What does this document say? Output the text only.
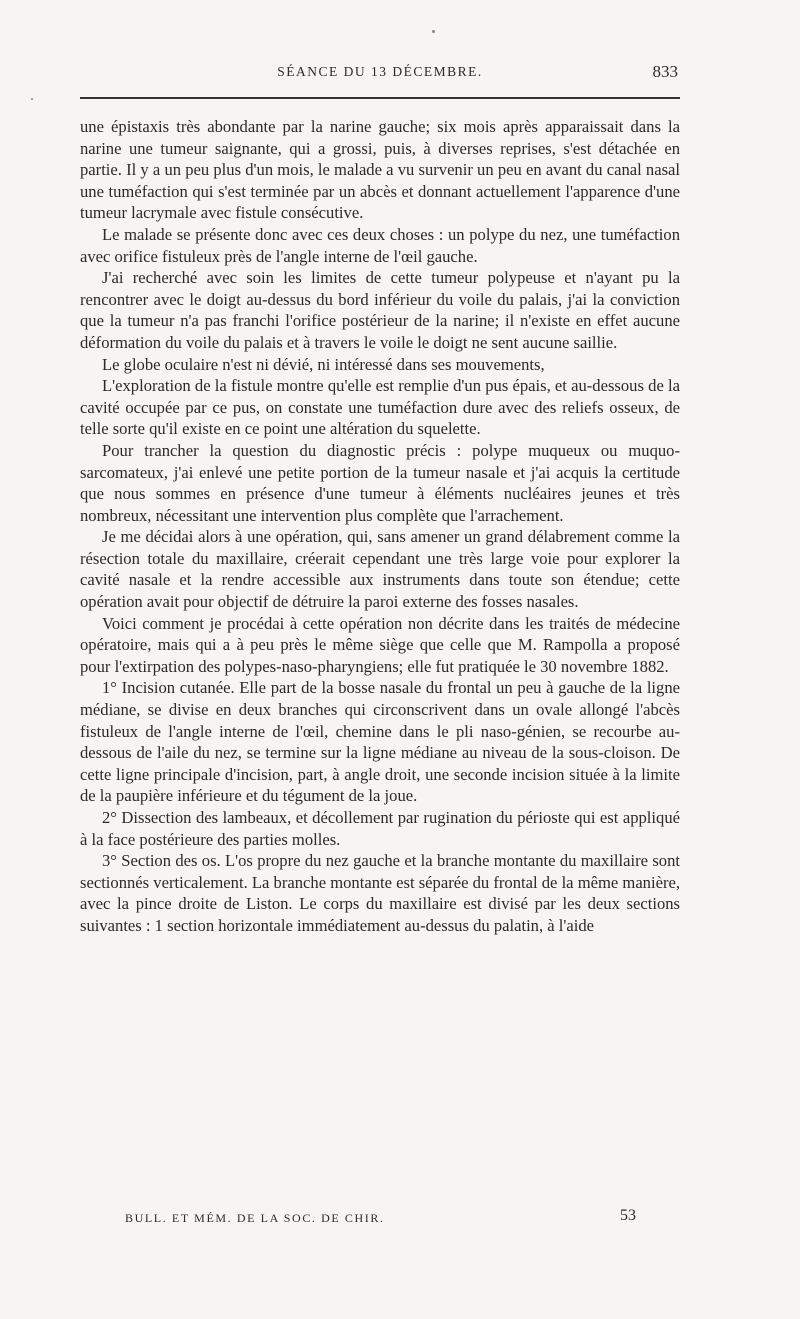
SÉANCE DU 13 DÉCEMBRE.	833

une épistaxis très abondante par la narine gauche; six mois après apparaissait dans la narine une tumeur saignante, qui a grossi, puis, à diverses reprises, s'est détachée en partie. Il y a un peu plus d'un mois, le malade a vu survenir un peu en avant du canal nasal une tuméfaction qui s'est terminée par un abcès et donnant actuellement l'apparence d'une tumeur lacrymale avec fistule consécutive.

Le malade se présente donc avec ces deux choses : un polype du nez, une tuméfaction avec orifice fistuleux près de l'angle interne de l'œil gauche.

J'ai recherché avec soin les limites de cette tumeur polypeuse et n'ayant pu la rencontrer avec le doigt au-dessus du bord inférieur du voile du palais, j'ai la conviction que la tumeur n'a pas franchi l'orifice postérieur de la narine; il n'existe en effet aucune déformation du voile du palais et à travers le voile le doigt ne sent aucune saillie.

Le globe oculaire n'est ni dévié, ni intéressé dans ses mouvements,

L'exploration de la fistule montre qu'elle est remplie d'un pus épais, et au-dessous de la cavité occupée par ce pus, on constate une tuméfaction dure avec des reliefs osseux, de telle sorte qu'il existe en ce point une altération du squelette.

Pour trancher la question du diagnostic précis : polype muqueux ou muquo-sarcomateux, j'ai enlevé une petite portion de la tumeur nasale et j'ai acquis la certitude que nous sommes en présence d'une tumeur à éléments nucléaires jeunes et très nombreux, nécessitant une intervention plus complète que l'arrachement.

Je me décidai alors à une opération, qui, sans amener un grand délabrement comme la résection totale du maxillaire, créerait cependant une très large voie pour explorer la cavité nasale et la rendre accessible aux instruments dans toute son étendue; cette opération avait pour objectif de détruire la paroi externe des fosses nasales.

Voici comment je procédai à cette opération non décrite dans les traités de médecine opératoire, mais qui a à peu près le même siège que celle que M. Rampolla a proposé pour l'extirpation des polypes-naso-pharyngiens; elle fut pratiquée le 30 novembre 1882.

1° Incision cutanée. Elle part de la bosse nasale du frontal un peu à gauche de la ligne médiane, se divise en deux branches qui circonscrivent dans un ovale allongé l'abcès fistuleux de l'angle interne de l'œil, chemine dans le pli naso-génien, se recourbe au-dessous de l'aile du nez, se termine sur la ligne médiane au niveau de la sous-cloison. De cette ligne principale d'incision, part, à angle droit, une seconde incision située à la limite de la paupière inférieure et du tégument de la joue.

2° Dissection des lambeaux, et décollement par rugination du périoste qui est appliqué à la face postérieure des parties molles.

3° Section des os. L'os propre du nez gauche et la branche montante du maxillaire sont sectionnés verticalement. La branche montante est séparée du frontal de la même manière, avec la pince droite de Liston. Le corps du maxillaire est divisé par les deux sections suivantes : 1 section horizontale immédiatement au-dessus du palatin, à l'aide

BULL. ET MÉM. DE LA SOC. DE CHIR.	53
